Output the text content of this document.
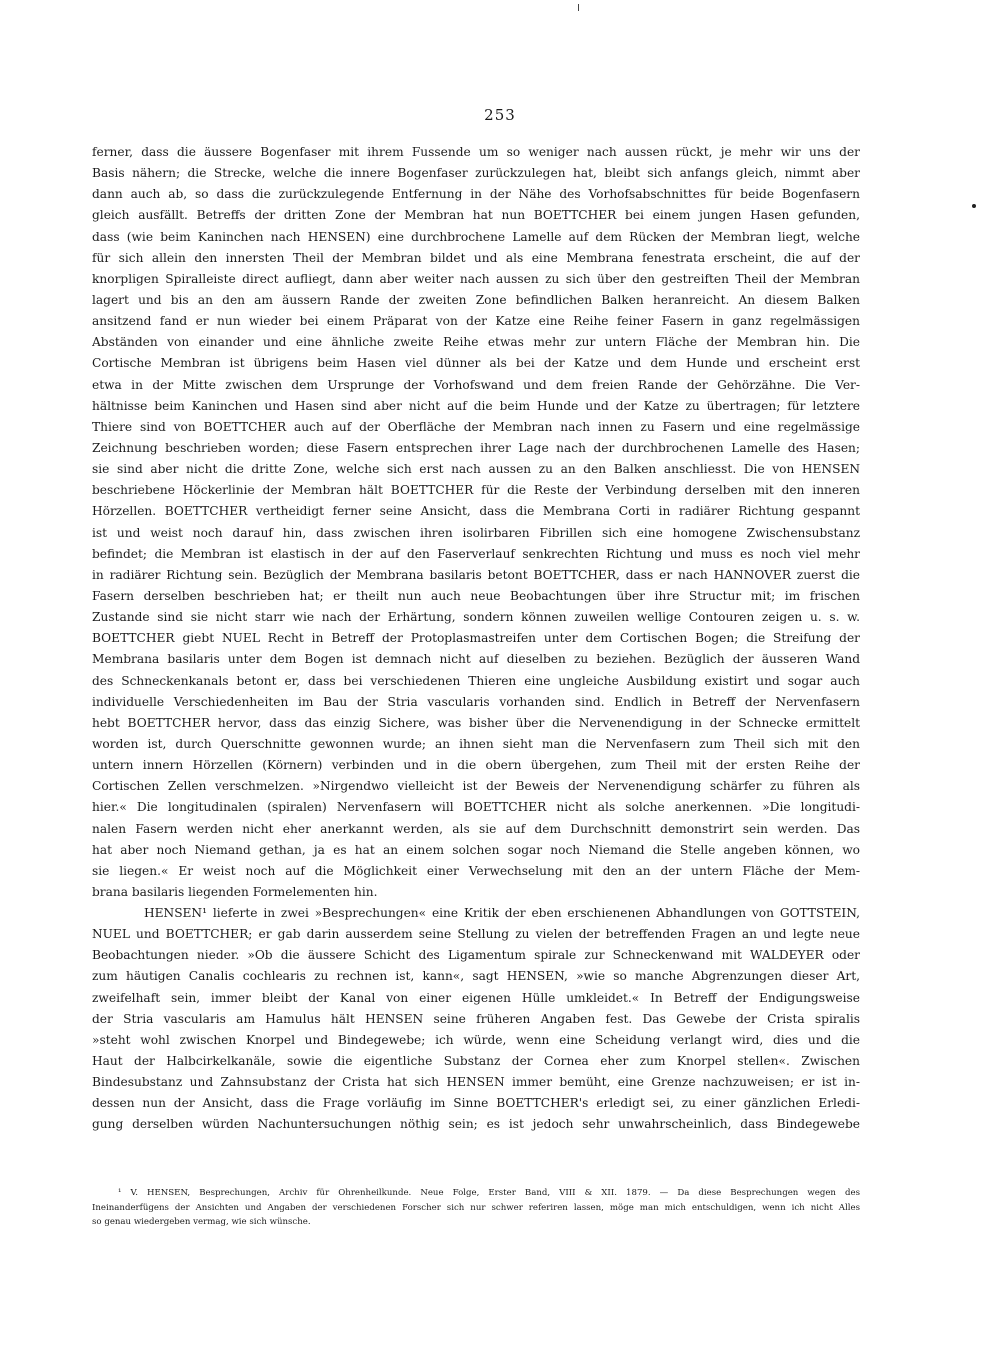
253
ferner, dass die äussere Bogenfaser mit ihrem Fussende um so weniger nach aussen rückt, je mehr wir uns der
Basis nähern; die Strecke, welche die innere Bogenfaser zurückzulegen hat, bleibt sich anfangs gleich, nimmt aber
dann auch ab, so dass die zurückzulegende Entfernung in der Nähe des Vorhofsabschnittes für beide Bogenfasern
gleich ausfällt. Betreffs der dritten Zone der Membran hat nun BOETTCHER bei einem jungen Hasen gefunden,
dass (wie beim Kaninchen nach HENSEN) eine durchbrochene Lamelle auf dem Rücken der Membran liegt, welche
für sich allein den innersten Theil der Membran bildet und als eine Membrana fenestrata erscheint, die auf der
knorpligen Spiralleiste direct aufliegt, dann aber weiter nach aussen zu sich über den gestreiften Theil der Membran
lagert und bis an den am äussern Rande der zweiten Zone befindlichen Balken heranreicht. An diesem Balken
ansitzend fand er nun wieder bei einem Präparat von der Katze eine Reihe feiner Fasern in ganz regelmässigen
Abständen von einander und eine ähnliche zweite Reihe etwas mehr zur untern Fläche der Membran hin. Die
Cortische Membran ist übrigens beim Hasen viel dünner als bei der Katze und dem Hunde und erscheint erst
etwa in der Mitte zwischen dem Ursprunge der Vorhofswand und dem freien Rande der Gehörzähne. Die Ver-
hältnisse beim Kaninchen und Hasen sind aber nicht auf die beim Hunde und der Katze zu übertragen; für letztere
Thiere sind von BOETTCHER auch auf der Oberfläche der Membran nach innen zu Fasern und eine regelmässige
Zeichnung beschrieben worden; diese Fasern entsprechen ihrer Lage nach der durchbrochenen Lamelle des Hasen;
sie sind aber nicht die dritte Zone, welche sich erst nach aussen zu an den Balken anschliesst. Die von HENSEN
beschriebene Höckerlinie der Membran hält BOETTCHER für die Reste der Verbindung derselben mit den inneren
Hörzellen. BOETTCHER vertheidigt ferner seine Ansicht, dass die Membrana Corti in radiärer Richtung gespannt
ist und weist noch darauf hin, dass zwischen ihren isolirbaren Fibrillen sich eine homogene Zwischensubstanz
befindet; die Membran ist elastisch in der auf den Faserverlauf senkrechten Richtung und muss es noch viel mehr
in radiärer Richtung sein. Bezüglich der Membrana basilaris betont BOETTCHER, dass er nach HANNOVER zuerst die
Fasern derselben beschrieben hat; er theilt nun auch neue Beobachtungen über ihre Structur mit; im frischen
Zustande sind sie nicht starr wie nach der Erhärtung, sondern können zuweilen wellige Contouren zeigen u. s. w.
BOETTCHER giebt NUEL Recht in Betreff der Protoplasmastreifen unter dem Cortischen Bogen; die Streifung der
Membrana basilaris unter dem Bogen ist demnach nicht auf dieselben zu beziehen. Bezüglich der äusseren Wand
des Schneckenkanals betont er, dass bei verschiedenen Thieren eine ungleiche Ausbildung existirt und sogar auch
individuelle Verschiedenheiten im Bau der Stria vascularis vorhanden sind. Endlich in Betreff der Nervenfasern
hebt BOETTCHER hervor, dass das einzig Sichere, was bisher über die Nervenendigung in der Schnecke ermittelt
worden ist, durch Querschnitte gewonnen wurde; an ihnen sieht man die Nervenfasern zum Theil sich mit den
untern innern Hörzellen (Körnern) verbinden und in die obern übergehen, zum Theil mit der ersten Reihe der
Cortischen Zellen verschmelzen. »Nirgendwo vielleicht ist der Beweis der Nervenendigung schärfer zu führen als
hier.« Die longitudinalen (spiralen) Nervenfasern will BOETTCHER nicht als solche anerkennen. »Die longitudi-
nalen Fasern werden nicht eher anerkannt werden, als sie auf dem Durchschnitt demonstrirt sein werden. Das
hat aber noch Niemand gethan, ja es hat an einem solchen sogar noch Niemand die Stelle angeben können, wo
sie liegen.« Er weist noch auf die Möglichkeit einer Verwechselung mit den an der untern Fläche der Mem-
brana basilaris liegenden Formelementen hin.
HENSEN¹ lieferte in zwei »Besprechungen« eine Kritik der eben erschienenen Abhandlungen von GOTTSTEIN,
NUEL und BOETTCHER; er gab darin ausserdem seine Stellung zu vielen der betreffenden Fragen an und legte neue
Beobachtungen nieder. »Ob die äussere Schicht des Ligamentum spirale zur Schneckenwand mit WALDEYER oder
zum häutigen Canalis cochlearis zu rechnen ist, kann«, sagt HENSEN, »wie so manche Abgrenzungen dieser Art,
zweifelhaft sein, immer bleibt der Kanal von einer eigenen Hülle umkleidet.« In Betreff der Endigungsweise
der Stria vascularis am Hamulus hält HENSEN seine früheren Angaben fest. Das Gewebe der Crista spiralis
»steht wohl zwischen Knorpel und Bindegewebe; ich würde, wenn eine Scheidung verlangt wird, dies und die
Haut der Halbcirkelkanäle, sowie die eigentliche Substanz der Cornea eher zum Knorpel stellen«. Zwischen
Bindesubstanz und Zahnsubstanz der Crista hat sich HENSEN immer bemüht, eine Grenze nachzuweisen; er ist in-
dessen nun der Ansicht, dass die Frage vorläufig im Sinne BOETTCHER's erledigt sei, zu einer gänzlichen Erledi-
gung derselben würden Nachuntersuchungen nöthig sein; es ist jedoch sehr unwahrscheinlich, dass Bindegewebe
¹ V. HENSEN, Besprechungen, Archiv für Ohrenheilkunde. Neue Folge, Erster Band, VIII & XII. 1879. — Da diese Besprechungen wegen des
Ineinanderfügens der Ansichten und Angaben der verschiedenen Forscher sich nur schwer referiren lassen, möge man mich entschuldigen, wenn ich nicht Alles
so genau wiedergeben vermag, wie sich wünsche.
